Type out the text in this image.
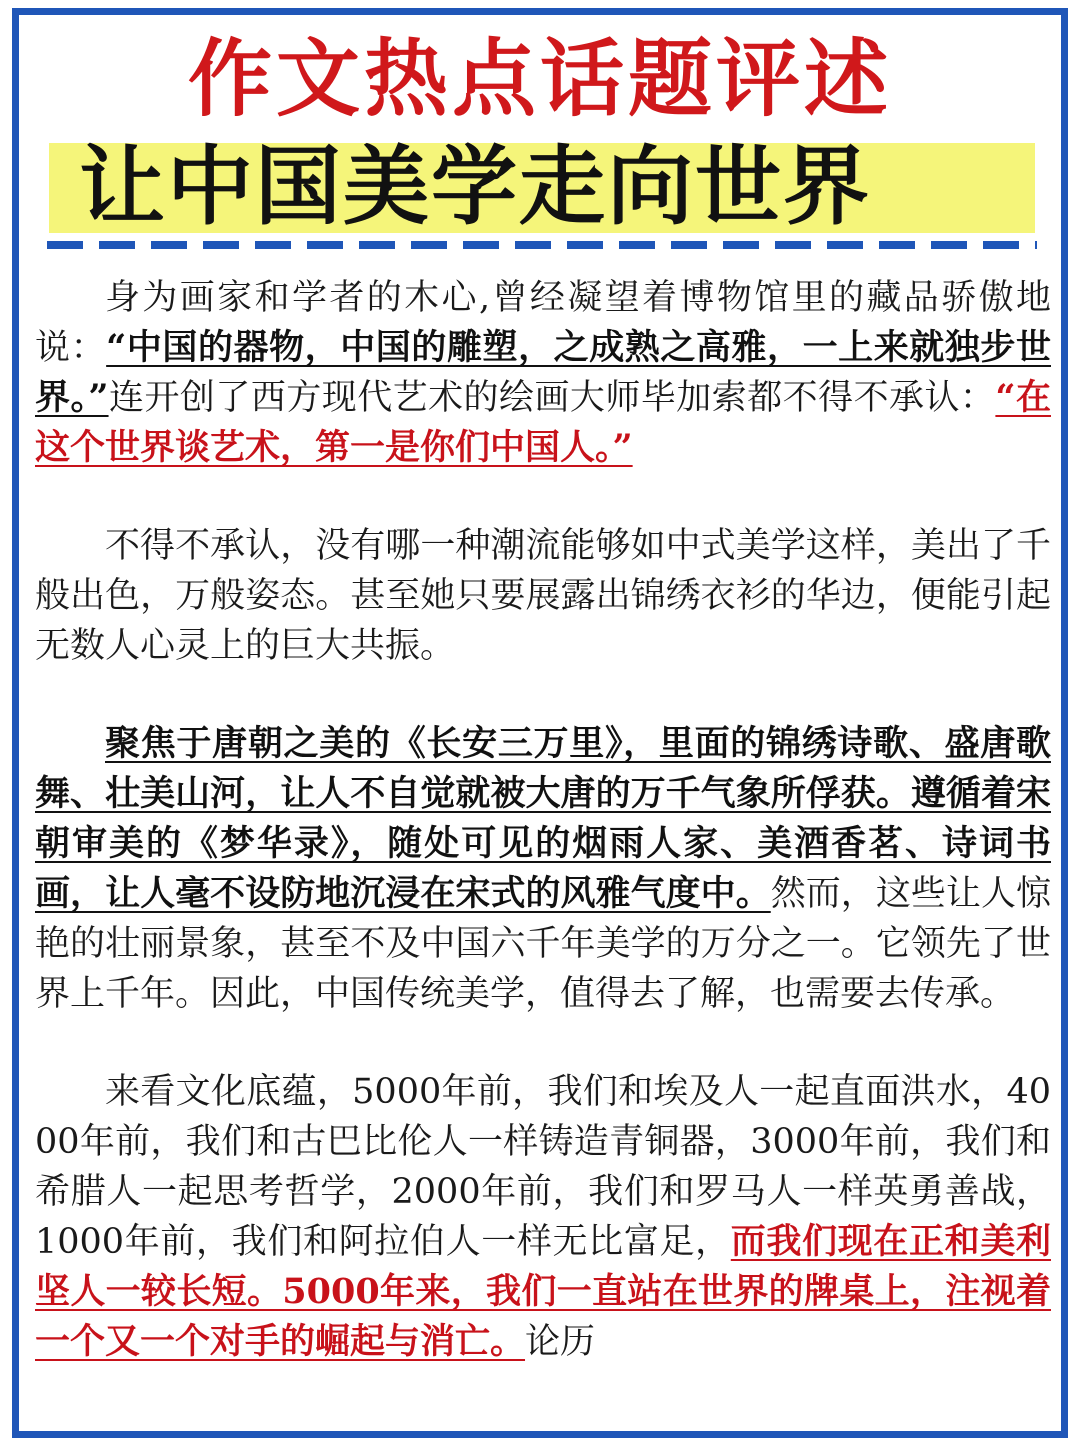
作文热点话题评述
让中国美学走向世界

身为画家和学者的木心,曾经凝望着博物馆里的藏品骄傲地说：“中国的器物，中国的雕塑，之成熟之高雅，一上来就独步世界。”连开创了西方现代艺术的绘画大师毕加索都不得不承认：“在这个世界谈艺术，第一是你们中国人。”

不得不承认，没有哪一种潮流能够如中式美学这样，美出了千般出色，万般姿态。甚至她只要展露出锦绣衣衫的华边，便能引起无数人心灵上的巨大共振。

聚焦于唐朝之美的《长安三万里》，里面的锦绣诗歌、盛唐歌舞、壮美山河，让人不自觉就被大唐的万千气象所俘获。遵循着宋朝审美的《梦华录》，随处可见的烟雨人家、美酒香茗、诗词书画，让人毫不设防地沉浸在宋式的风雅气度中。然而，这些让人惊艳的壮丽景象，甚至不及中国六千年美学的万分之一。它领先了世界上千年。因此，中国传统美学，值得去了解，也需要去传承。

来看文化底蕴，5000年前，我们和埃及人一起直面洪水，4000年前，我们和古巴比伦人一样铸造青铜器，3000年前，我们和希腊人一起思考哲学，2000年前，我们和罗马人一样英勇善战，1000年前，我们和阿拉伯人一样无比富足，而我们现在正和美利坚人一较长短。5000年来，我们一直站在世界的牌桌上，注视着一个又一个对手的崛起与消亡。论历
